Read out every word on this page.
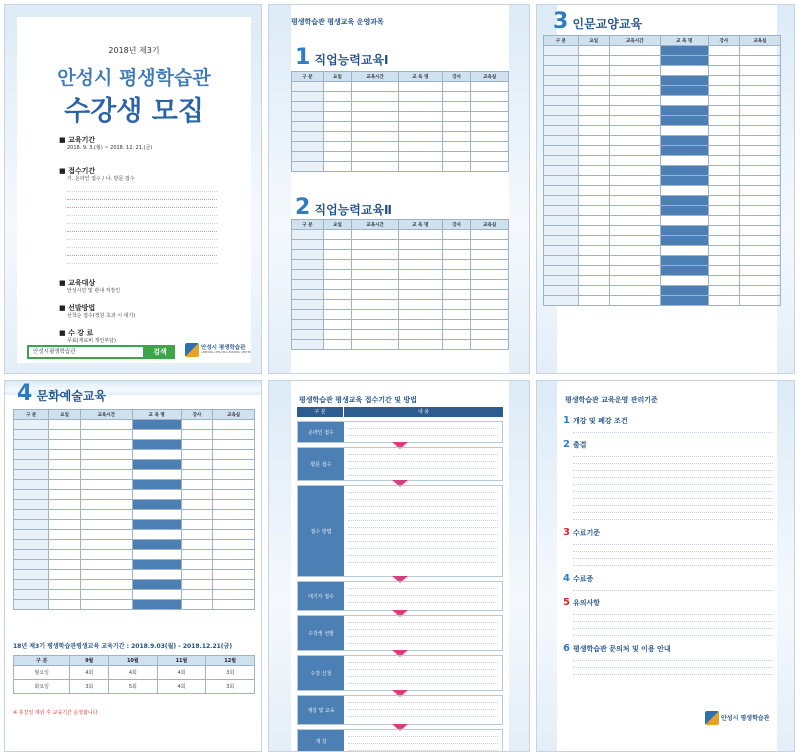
2018년 제3기
안성시 평생학습관
수강생 모집
■ 교육기간
2018. 9. 3.(월) ~ 2018. 12. 21.(금)
■ 접수기간
가. 온라인 접수 / 나. 방문 접수
■ 교육대상
안성시민 및 관내 직장인
■ 선발방법
선착순 접수(정원 초과 시 대기)
■ 수 강 료
무료(재료비 개인부담)
안성시평생학습관	검색	안성시 평생학습관
ANSEONG LIFELONG LEARNING CENTER
평생학습관 평생교육 운영과목
1 직업능력교육Ⅰ
구 분	요일	교육시간	교 육 명	강사	교육실

2 직업능력교육Ⅱ
구 분	요일	교육시간	교 육 명	강사	교육실

3 인문교양교육
구 분	요일	교육시간	교 육 명	강사	교육실

4 문화예술교육
구 분	요일	교육시간	교 육 명	강사	교육실

18년 제3기 평생학습관평생교육 교육기간 : 2018.9.03(월) - 2018.12.21(금)
구 분	9월	10월	11월	12월
월요일	4회	4회	4회	3회
화요일	3회	5회	4회	3회
※ 휴강일 제외 후 교육기간 운영합니다.
평생학습관 평생교육 접수기간 및 방법
구 분	내 용
온라인 접수
방문 접수
접수 방법
대기자 접수
수강생 선발
수강 신청
개강 및 교육
개 강
평생학습관 교육운영 관리기준
1 개강 및 폐강 조건
2 출결
3 수료기준
4 수료증
5 유의사항
6 평생학습관 문의처 및 이용 안내
안성시 평생학습관
